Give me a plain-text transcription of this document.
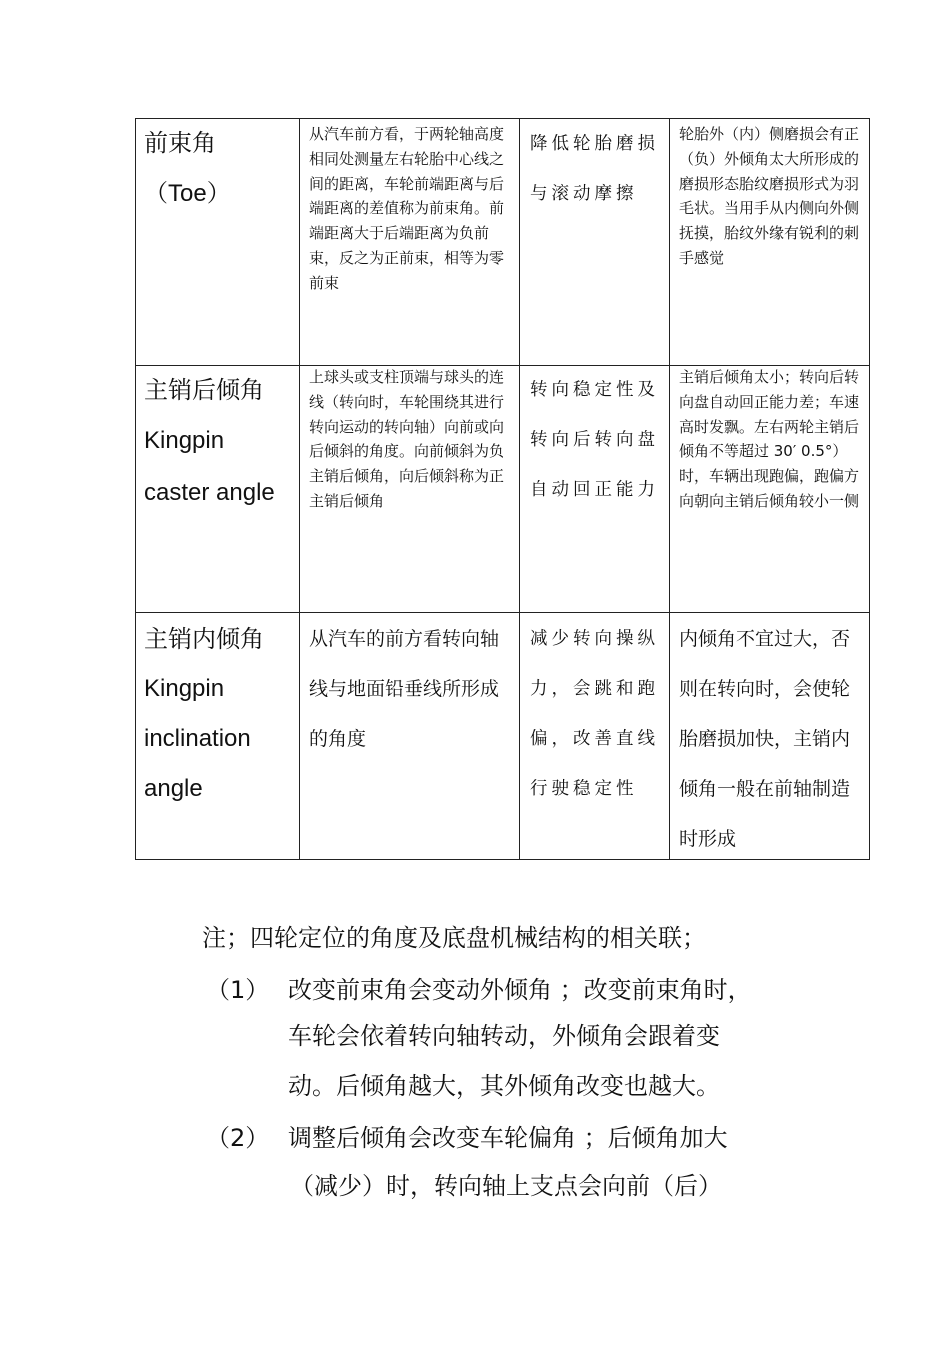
前束角
（Toe）
从汽车前方看，于两轮轴高度相同处测量左右轮胎中心线之间的距离，车轮前端距离与后端距离的差值称为前束角。前端距离大于后端距离为负前束，反之为正前束，相等为零前束
降低轮胎磨损与滚动摩擦
轮胎外（内）侧磨损会有正（负）外倾角太大所形成的磨损形态胎纹磨损形式为羽毛状。当用手从内侧向外侧抚摸，胎纹外缘有锐利的刺手感觉
主销后倾角
Kingpin
caster angle
上球头或支柱顶端与球头的连线（转向时，车轮围绕其进行转向运动的转向轴）向前或向后倾斜的角度。向前倾斜为负主销后倾角，向后倾斜称为正主销后倾角
转向稳定性及转向后转向盘自动回正能力
主销后倾角太小；转向后转向盘自动回正能力差；车速高时发飘。左右两轮主销后倾角不等超过 30′ 0.5°）时，车辆出现跑偏，跑偏方向朝向主销后倾角较小一侧
主销内倾角
Kingpin
inclination
angle
从汽车的前方看转向轴线与地面铅垂线所形成的角度
减少转向操纵力，会跳和跑偏，改善直线行驶稳定性
内倾角不宜过大，否则在转向时，会使轮胎磨损加快，主销内倾角一般在前轴制造时形成
注；四轮定位的角度及底盘机械结构的相关联；
（1） 改变前束角会变动外倾角 ；改变前束角时，
车轮会依着转向轴转动，外倾角会跟着变
动。后倾角越大，其外倾角改变也越大。
（2） 调整后倾角会改变车轮偏角 ；后倾角加大
（减少）时，转向轴上支点会向前（后）
